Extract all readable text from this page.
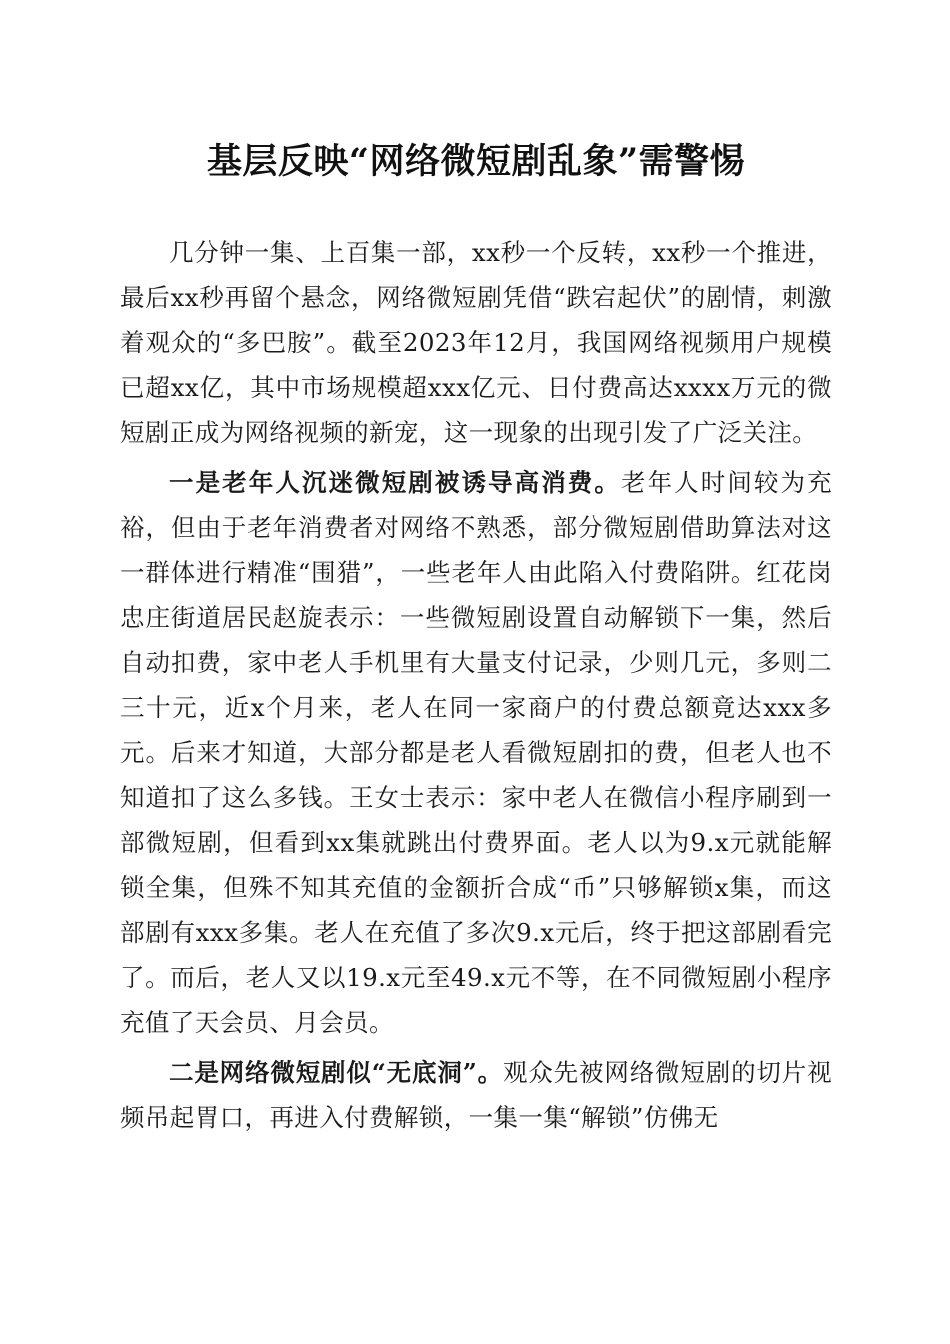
基层反映“网络微短剧乱象”需警惕

几分钟一集、上百集一部，xx秒一个反转，xx秒一个推进，最后xx秒再留个悬念，网络微短剧凭借“跌宕起伏”的剧情，刺激着观众的“多巴胺”。截至2023年12月，我国网络视频用户规模已超xx亿，其中市场规模超xxx亿元、日付费高达xxxx万元的微短剧正成为网络视频的新宠，这一现象的出现引发了广泛关注。

一是老年人沉迷微短剧被诱导高消费。老年人时间较为充裕，但由于老年消费者对网络不熟悉，部分微短剧借助算法对这一群体进行精准“围猎”，一些老年人由此陷入付费陷阱。红花岗忠庄街道居民赵旋表示：一些微短剧设置自动解锁下一集，然后自动扣费，家中老人手机里有大量支付记录，少则几元，多则二三十元，近x个月来，老人在同一家商户的付费总额竟达xxx多元。后来才知道，大部分都是老人看微短剧扣的费，但老人也不知道扣了这么多钱。王女士表示：家中老人在微信小程序刷到一部微短剧，但看到xx集就跳出付费界面。老人以为9.x元就能解锁全集，但殊不知其充值的金额折合成“币”只够解锁x集，而这部剧有xxx多集。老人在充值了多次9.x元后，终于把这部剧看完了。而后，老人又以19.x元至49.x元不等，在不同微短剧小程序充值了天会员、月会员。

二是网络微短剧似“无底洞”。观众先被网络微短剧的切片视频吊起胃口，再进入付费解锁，一集一集“解锁”仿佛无
